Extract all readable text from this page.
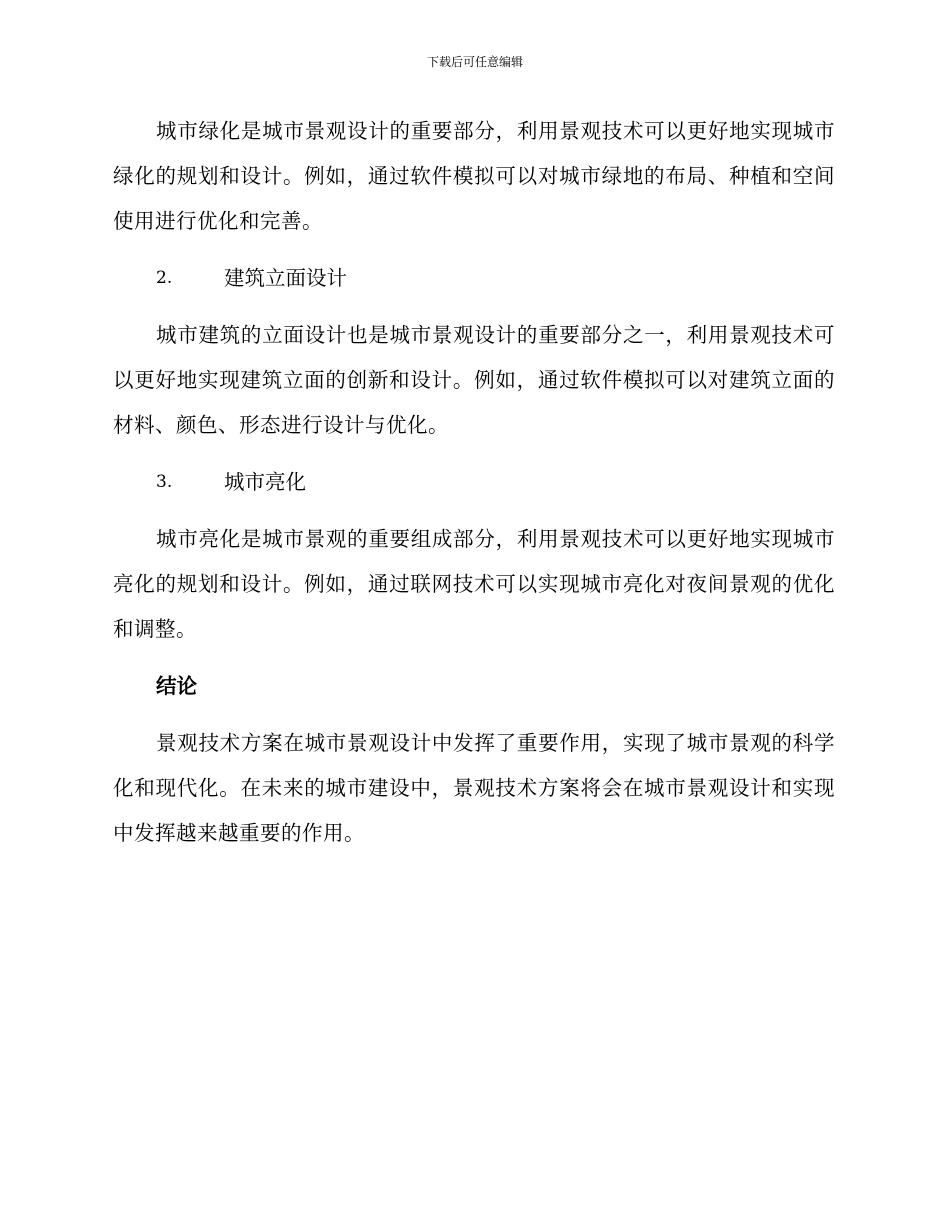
下载后可任意编辑

城市绿化是城市景观设计的重要部分，利用景观技术可以更好地实现城市绿化的规划和设计。例如，通过软件模拟可以对城市绿地的布局、种植和空间使用进行优化和完善。

2.	建筑立面设计

城市建筑的立面设计也是城市景观设计的重要部分之一，利用景观技术可以更好地实现建筑立面的创新和设计。例如，通过软件模拟可以对建筑立面的材料、颜色、形态进行设计与优化。

3.	城市亮化

城市亮化是城市景观的重要组成部分，利用景观技术可以更好地实现城市亮化的规划和设计。例如，通过联网技术可以实现城市亮化对夜间景观的优化和调整。

结论

景观技术方案在城市景观设计中发挥了重要作用，实现了城市景观的科学化和现代化。在未来的城市建设中，景观技术方案将会在城市景观设计和实现中发挥越来越重要的作用。
